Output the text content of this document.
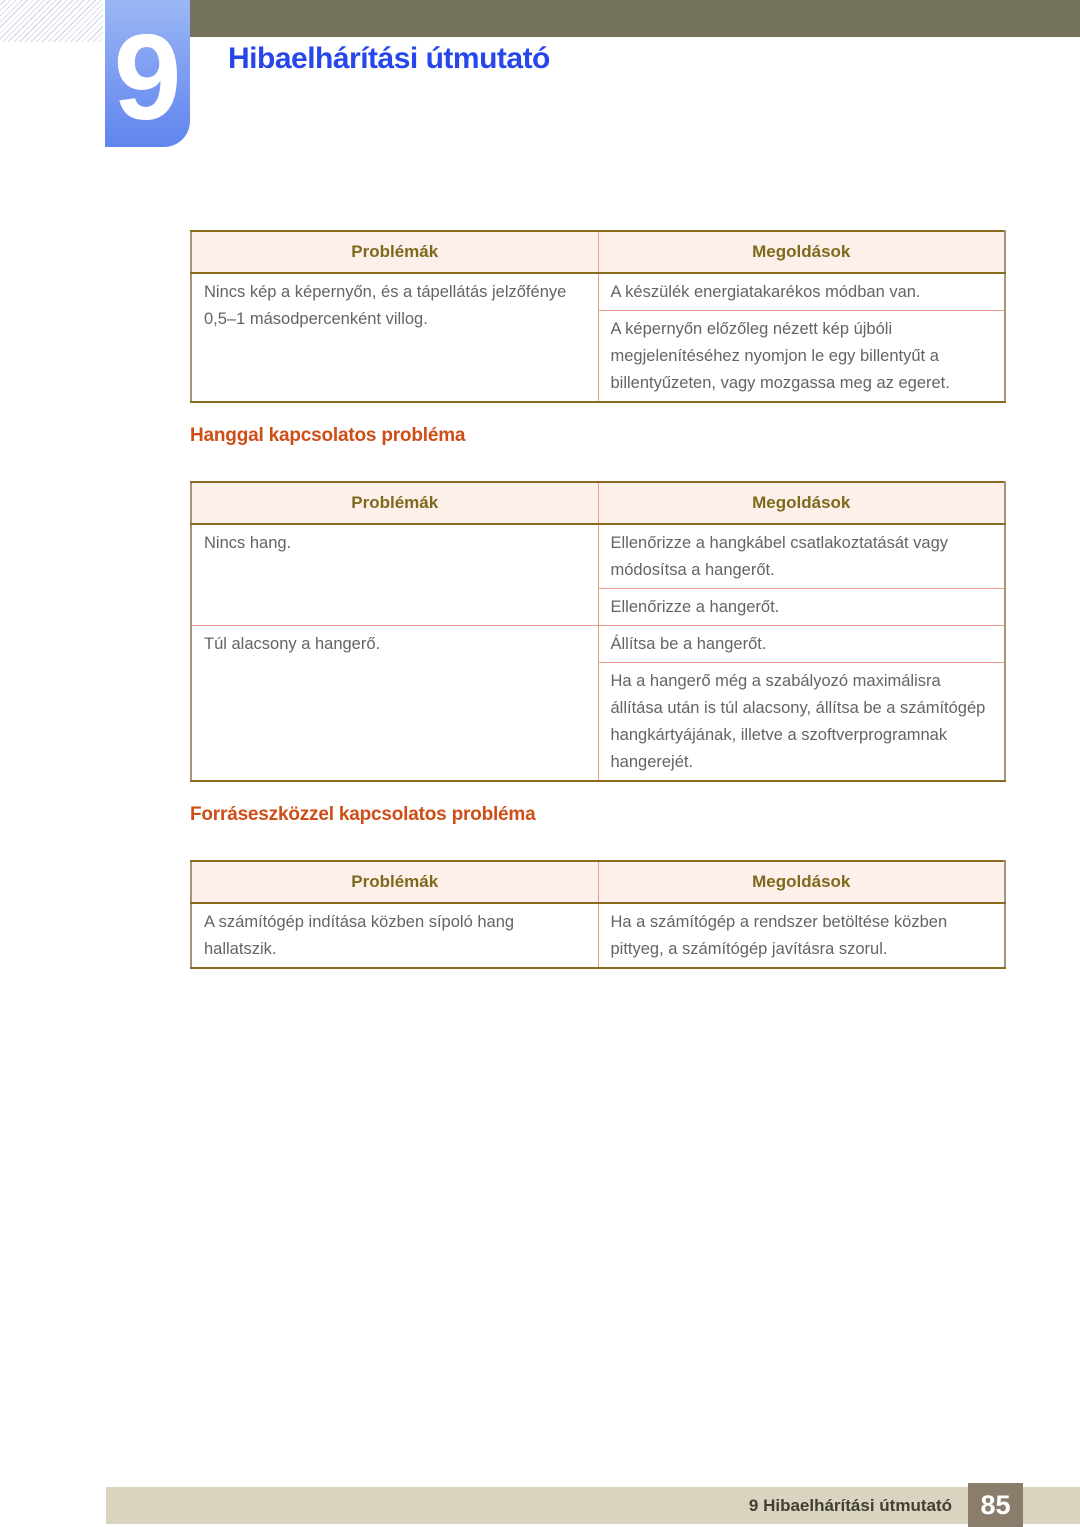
9 Hibaelhárítási útmutató
Problémák	Megoldások
Nincs kép a képernyőn, és a tápellátás jelzőfénye 0,5–1 másodpercenként villog.	A készülék energiatakarékos módban van.
	A képernyőn előzőleg nézett kép újbóli megjelenítéséhez nyomjon le egy billentyűt a billentyűzeten, vagy mozgassa meg az egeret.
Hanggal kapcsolatos probléma
Problémák	Megoldások
Nincs hang.	Ellenőrizze a hangkábel csatlakoztatását vagy módosítsa a hangerőt.
	Ellenőrizze a hangerőt.
Túl alacsony a hangerő.	Állítsa be a hangerőt.
	Ha a hangerő még a szabályozó maximálisra állítása után is túl alacsony, állítsa be a számítógép hangkártyájának, illetve a szoftverprogramnak hangerejét.
Forráseszközzel kapcsolatos probléma
Problémák	Megoldások
A számítógép indítása közben sípoló hang hallatszik.	Ha a számítógép a rendszer betöltése közben pittyeg, a számítógép javításra szorul.
9 Hibaelhárítási útmutató	85
